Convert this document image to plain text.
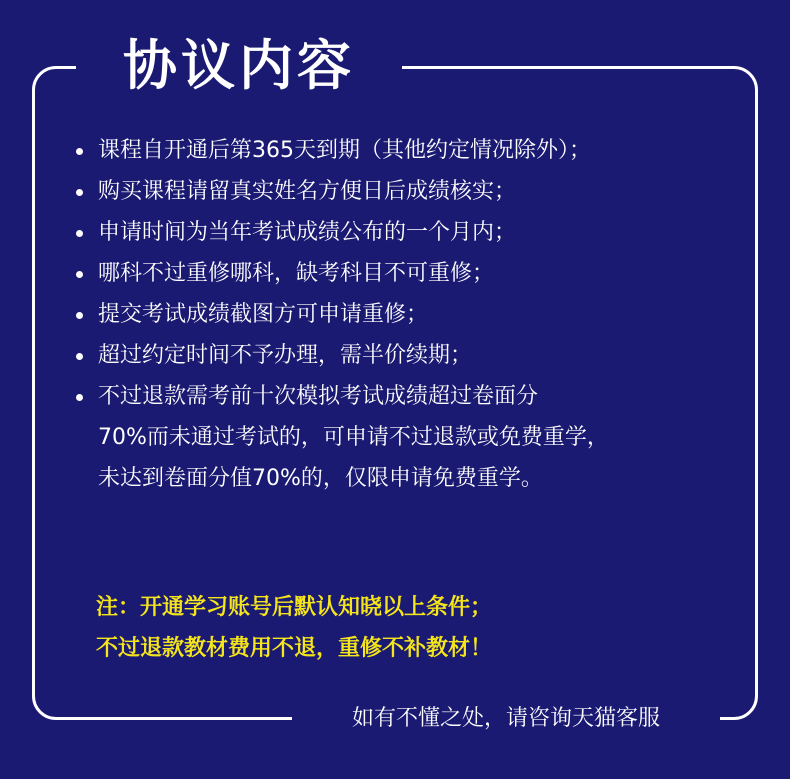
协议内容
课程自开通后第365天到期（其他约定情况除外）；
购买课程请留真实姓名方便日后成绩核实；
申请时间为当年考试成绩公布的一个月内；
哪科不过重修哪科，缺考科目不可重修；
提交考试成绩截图方可申请重修；
超过约定时间不予办理，需半价续期；
不过退款需考前十次模拟考试成绩超过卷面分
70%而未通过考试的，可申请不过退款或免费重学，
未达到卷面分值70%的，仅限申请免费重学。
注：开通学习账号后默认知晓以上条件；
不过退款教材费用不退，重修不补教材！
如有不懂之处，请咨询天猫客服
